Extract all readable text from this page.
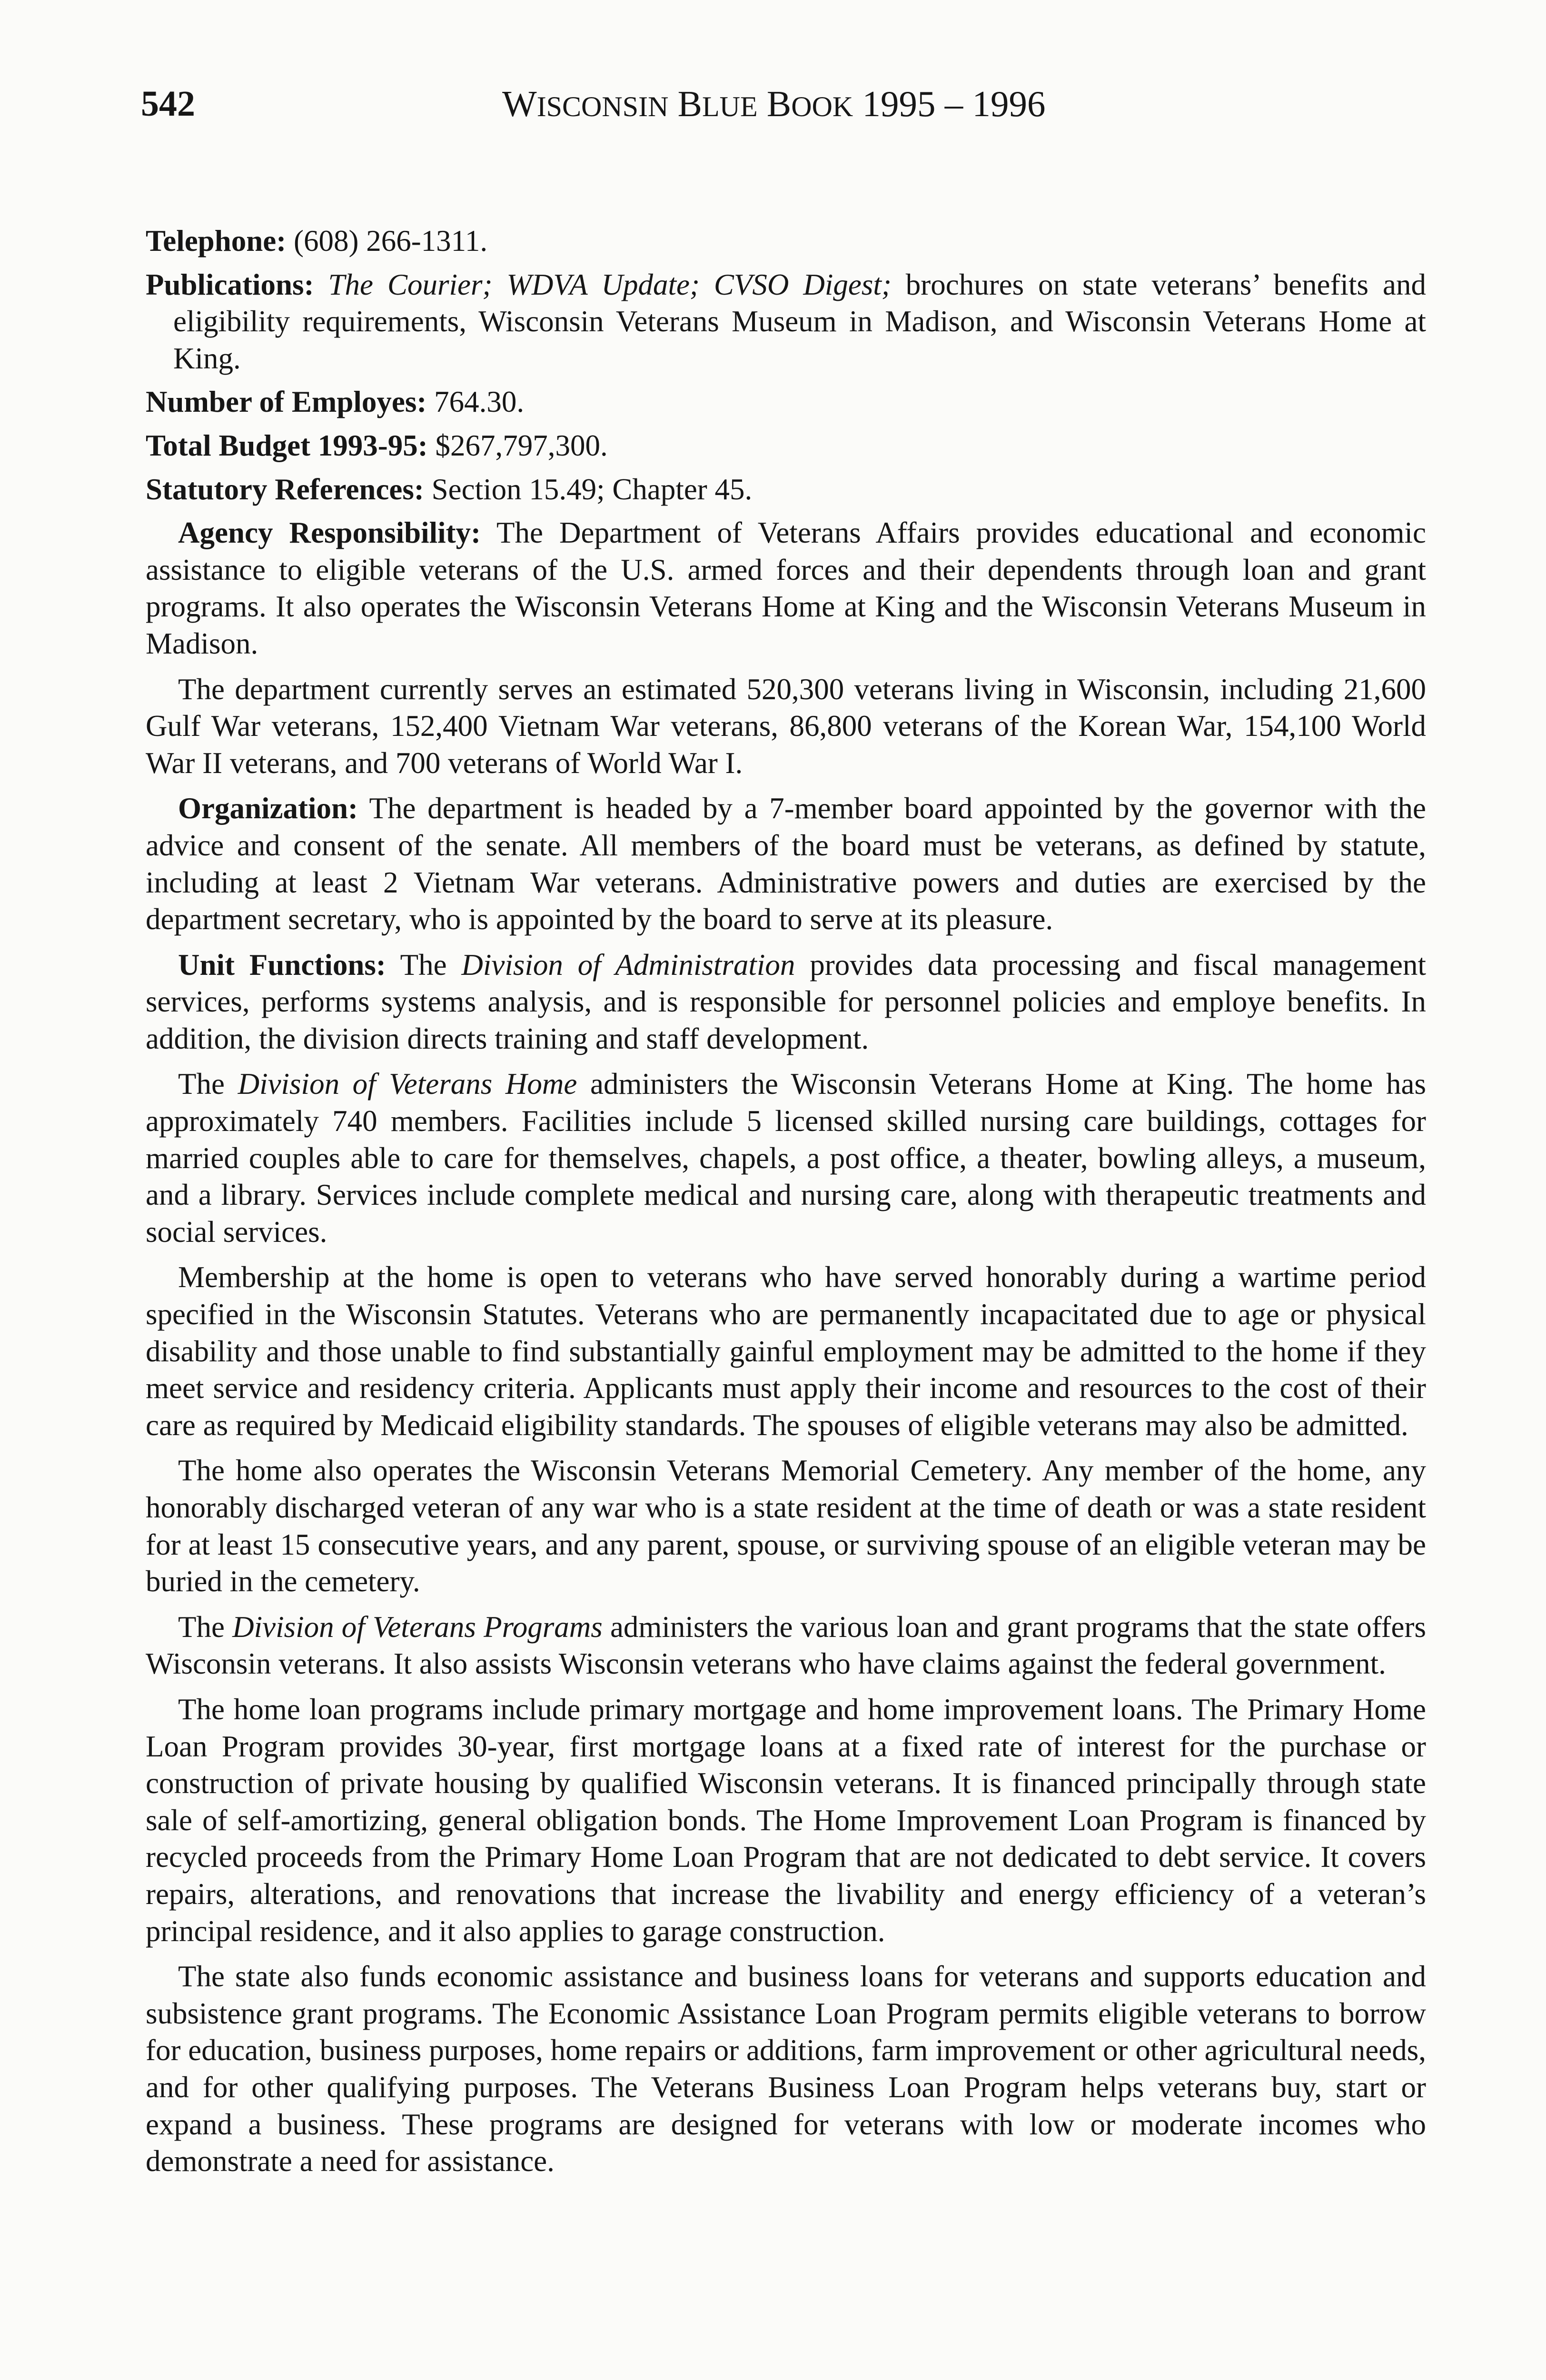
542	WISCONSIN BLUE BOOK 1995 – 1996

Telephone: (608) 266-1311.

Publications: The Courier; WDVA Update; CVSO Digest; brochures on state veterans’ benefits and eligibility requirements, Wisconsin Veterans Museum in Madison, and Wisconsin Veterans Home at King.

Number of Employes: 764.30.

Total Budget 1993-95: $267,797,300.

Statutory References: Section 15.49; Chapter 45.

Agency Responsibility: The Department of Veterans Affairs provides educational and economic assistance to eligible veterans of the U.S. armed forces and their dependents through loan and grant programs. It also operates the Wisconsin Veterans Home at King and the Wisconsin Veterans Museum in Madison.

The department currently serves an estimated 520,300 veterans living in Wisconsin, including 21,600 Gulf War veterans, 152,400 Vietnam War veterans, 86,800 veterans of the Korean War, 154,100 World War II veterans, and 700 veterans of World War I.

Organization: The department is headed by a 7-member board appointed by the governor with the advice and consent of the senate. All members of the board must be veterans, as defined by statute, including at least 2 Vietnam War veterans. Administrative powers and duties are exercised by the department secretary, who is appointed by the board to serve at its pleasure.

Unit Functions: The Division of Administration provides data processing and fiscal management services, performs systems analysis, and is responsible for personnel policies and employe benefits. In addition, the division directs training and staff development.

The Division of Veterans Home administers the Wisconsin Veterans Home at King. The home has approximately 740 members. Facilities include 5 licensed skilled nursing care buildings, cottages for married couples able to care for themselves, chapels, a post office, a theater, bowling alleys, a museum, and a library. Services include complete medical and nursing care, along with therapeutic treatments and social services.

Membership at the home is open to veterans who have served honorably during a wartime period specified in the Wisconsin Statutes. Veterans who are permanently incapacitated due to age or physical disability and those unable to find substantially gainful employment may be admitted to the home if they meet service and residency criteria. Applicants must apply their income and resources to the cost of their care as required by Medicaid eligibility standards. The spouses of eligible veterans may also be admitted.

The home also operates the Wisconsin Veterans Memorial Cemetery. Any member of the home, any honorably discharged veteran of any war who is a state resident at the time of death or was a state resident for at least 15 consecutive years, and any parent, spouse, or surviving spouse of an eligible veteran may be buried in the cemetery.

The Division of Veterans Programs administers the various loan and grant programs that the state offers Wisconsin veterans. It also assists Wisconsin veterans who have claims against the federal government.

The home loan programs include primary mortgage and home improvement loans. The Primary Home Loan Program provides 30-year, first mortgage loans at a fixed rate of interest for the purchase or construction of private housing by qualified Wisconsin veterans. It is financed principally through state sale of self-amortizing, general obligation bonds. The Home Improvement Loan Program is financed by recycled proceeds from the Primary Home Loan Program that are not dedicated to debt service. It covers repairs, alterations, and renovations that increase the livability and energy efficiency of a veteran’s principal residence, and it also applies to garage construction.

The state also funds economic assistance and business loans for veterans and supports education and subsistence grant programs. The Economic Assistance Loan Program permits eligible veterans to borrow for education, business purposes, home repairs or additions, farm improvement or other agricultural needs, and for other qualifying purposes. The Veterans Business Loan Program helps veterans buy, start or expand a business. These programs are designed for veterans with low or moderate incomes who demonstrate a need for assistance.
